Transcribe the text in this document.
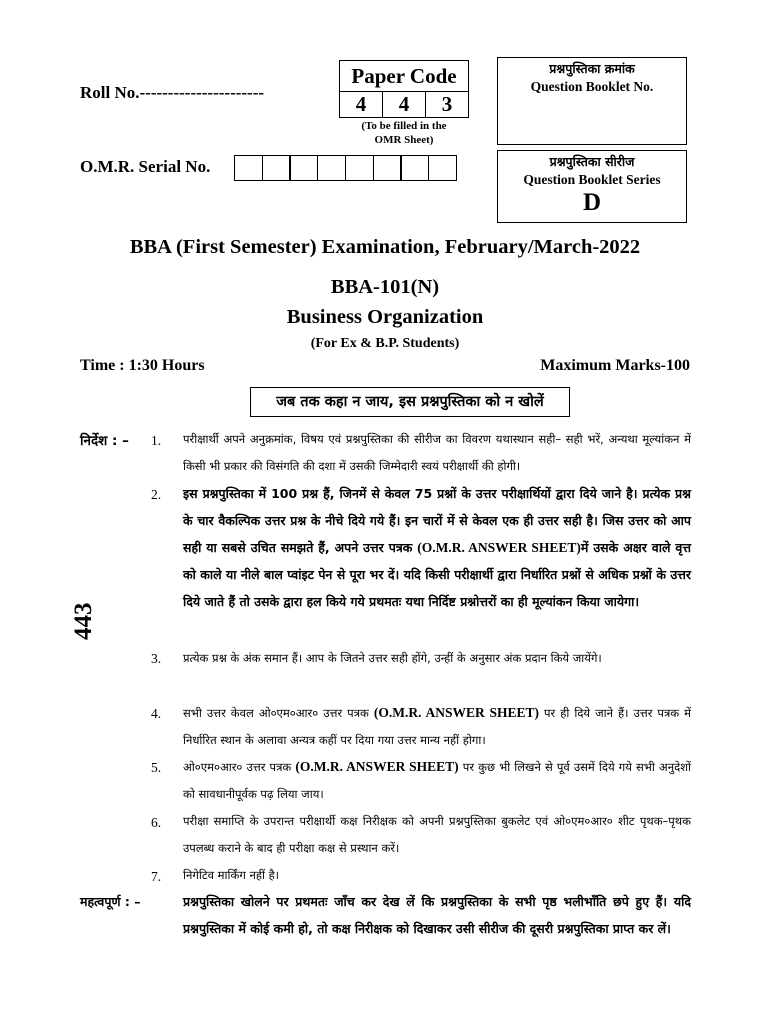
Roll No.----------------------
O.M.R. Serial No.
Paper Code
4	4	3
(To be filled in the
OMR Sheet)
प्रश्नपुस्तिका क्रमांक
Question Booklet No.
प्रश्नपुस्तिका सीरीज
Question Booklet Series
D
BBA (First Semester) Examination, February/March-2022
BBA-101(N)
Business Organization
(For Ex & B.P. Students)
Time : 1:30 Hours	Maximum Marks-100
जब तक कहा न जाय, इस प्रश्नपुस्तिका को न खोलें
443
निर्देश : – 1. परीक्षार्थी अपने अनुक्रमांक, विषय एवं प्रश्नपुस्तिका की सीरीज का विवरण यथास्थान सही– सही भरें, अन्यथा मूल्यांकन में किसी भी प्रकार की विसंगति की दशा में उसकी जिम्मेदारी स्वयं परीक्षार्थी की होगी।
2. इस प्रश्नपुस्तिका में 100 प्रश्न हैं, जिनमें से केवल 75 प्रश्नों के उत्तर परीक्षार्थियों द्वारा दिये जाने है। प्रत्येक प्रश्न के चार वैकल्पिक उत्तर प्रश्न के नीचे दिये गये हैं। इन चारों में से केवल एक ही उत्तर सही है। जिस उत्तर को आप सही या सबसे उचित समझते हैं, अपने उत्तर पत्रक (O.M.R. ANSWER SHEET)में उसके अक्षर वाले वृत्त को काले या नीले बाल प्वांइट पेन से पूरा भर दें। यदि किसी परीक्षार्थी द्वारा निर्धारित प्रश्नों से अधिक प्रश्नों के उत्तर दिये जाते हैं तो उसके द्वारा हल किये गये प्रथमतः यथा निर्दिष्ट प्रश्नोत्तरों का ही मूल्यांकन किया जायेगा।
3. प्रत्येक प्रश्न के अंक समान हैं। आप के जितने उत्तर सही होंगे, उन्हीं के अनुसार अंक प्रदान किये जायेंगे।
4. सभी उत्तर केवल ओ०एम०आर० उत्तर पत्रक (O.M.R. ANSWER SHEET) पर ही दिये जाने हैं। उत्तर पत्रक में निर्धारित स्थान के अलावा अन्यत्र कहीं पर दिया गया उत्तर मान्य नहीं होगा।
5. ओ०एम०आर० उत्तर पत्रक (O.M.R. ANSWER SHEET) पर कुछ भी लिखने से पूर्व उसमें दिये गये सभी अनुदेशों को सावधानीपूर्वक पढ़ लिया जाय।
6. परीक्षा समाप्ति के उपरान्त परीक्षार्थी कक्ष निरीक्षक को अपनी प्रश्नपुस्तिका बुकलेट एवं ओ०एम०आर० शीट पृथक–पृथक उपलब्ध कराने के बाद ही परीक्षा कक्ष से प्रस्थान करें।
7. निगेटिव मार्किंग नहीं है।
महत्वपूर्ण : –	प्रश्नपुस्तिका खोलने पर प्रथमतः जाँच कर देख लें कि प्रश्नपुस्तिका के सभी पृष्ठ भलीभाँति छपे हुए हैं। यदि प्रश्नपुस्तिका में कोई कमी हो, तो कक्ष निरीक्षक को दिखाकर उसी सीरीज की दूसरी प्रश्नपुस्तिका प्राप्त कर लें।
